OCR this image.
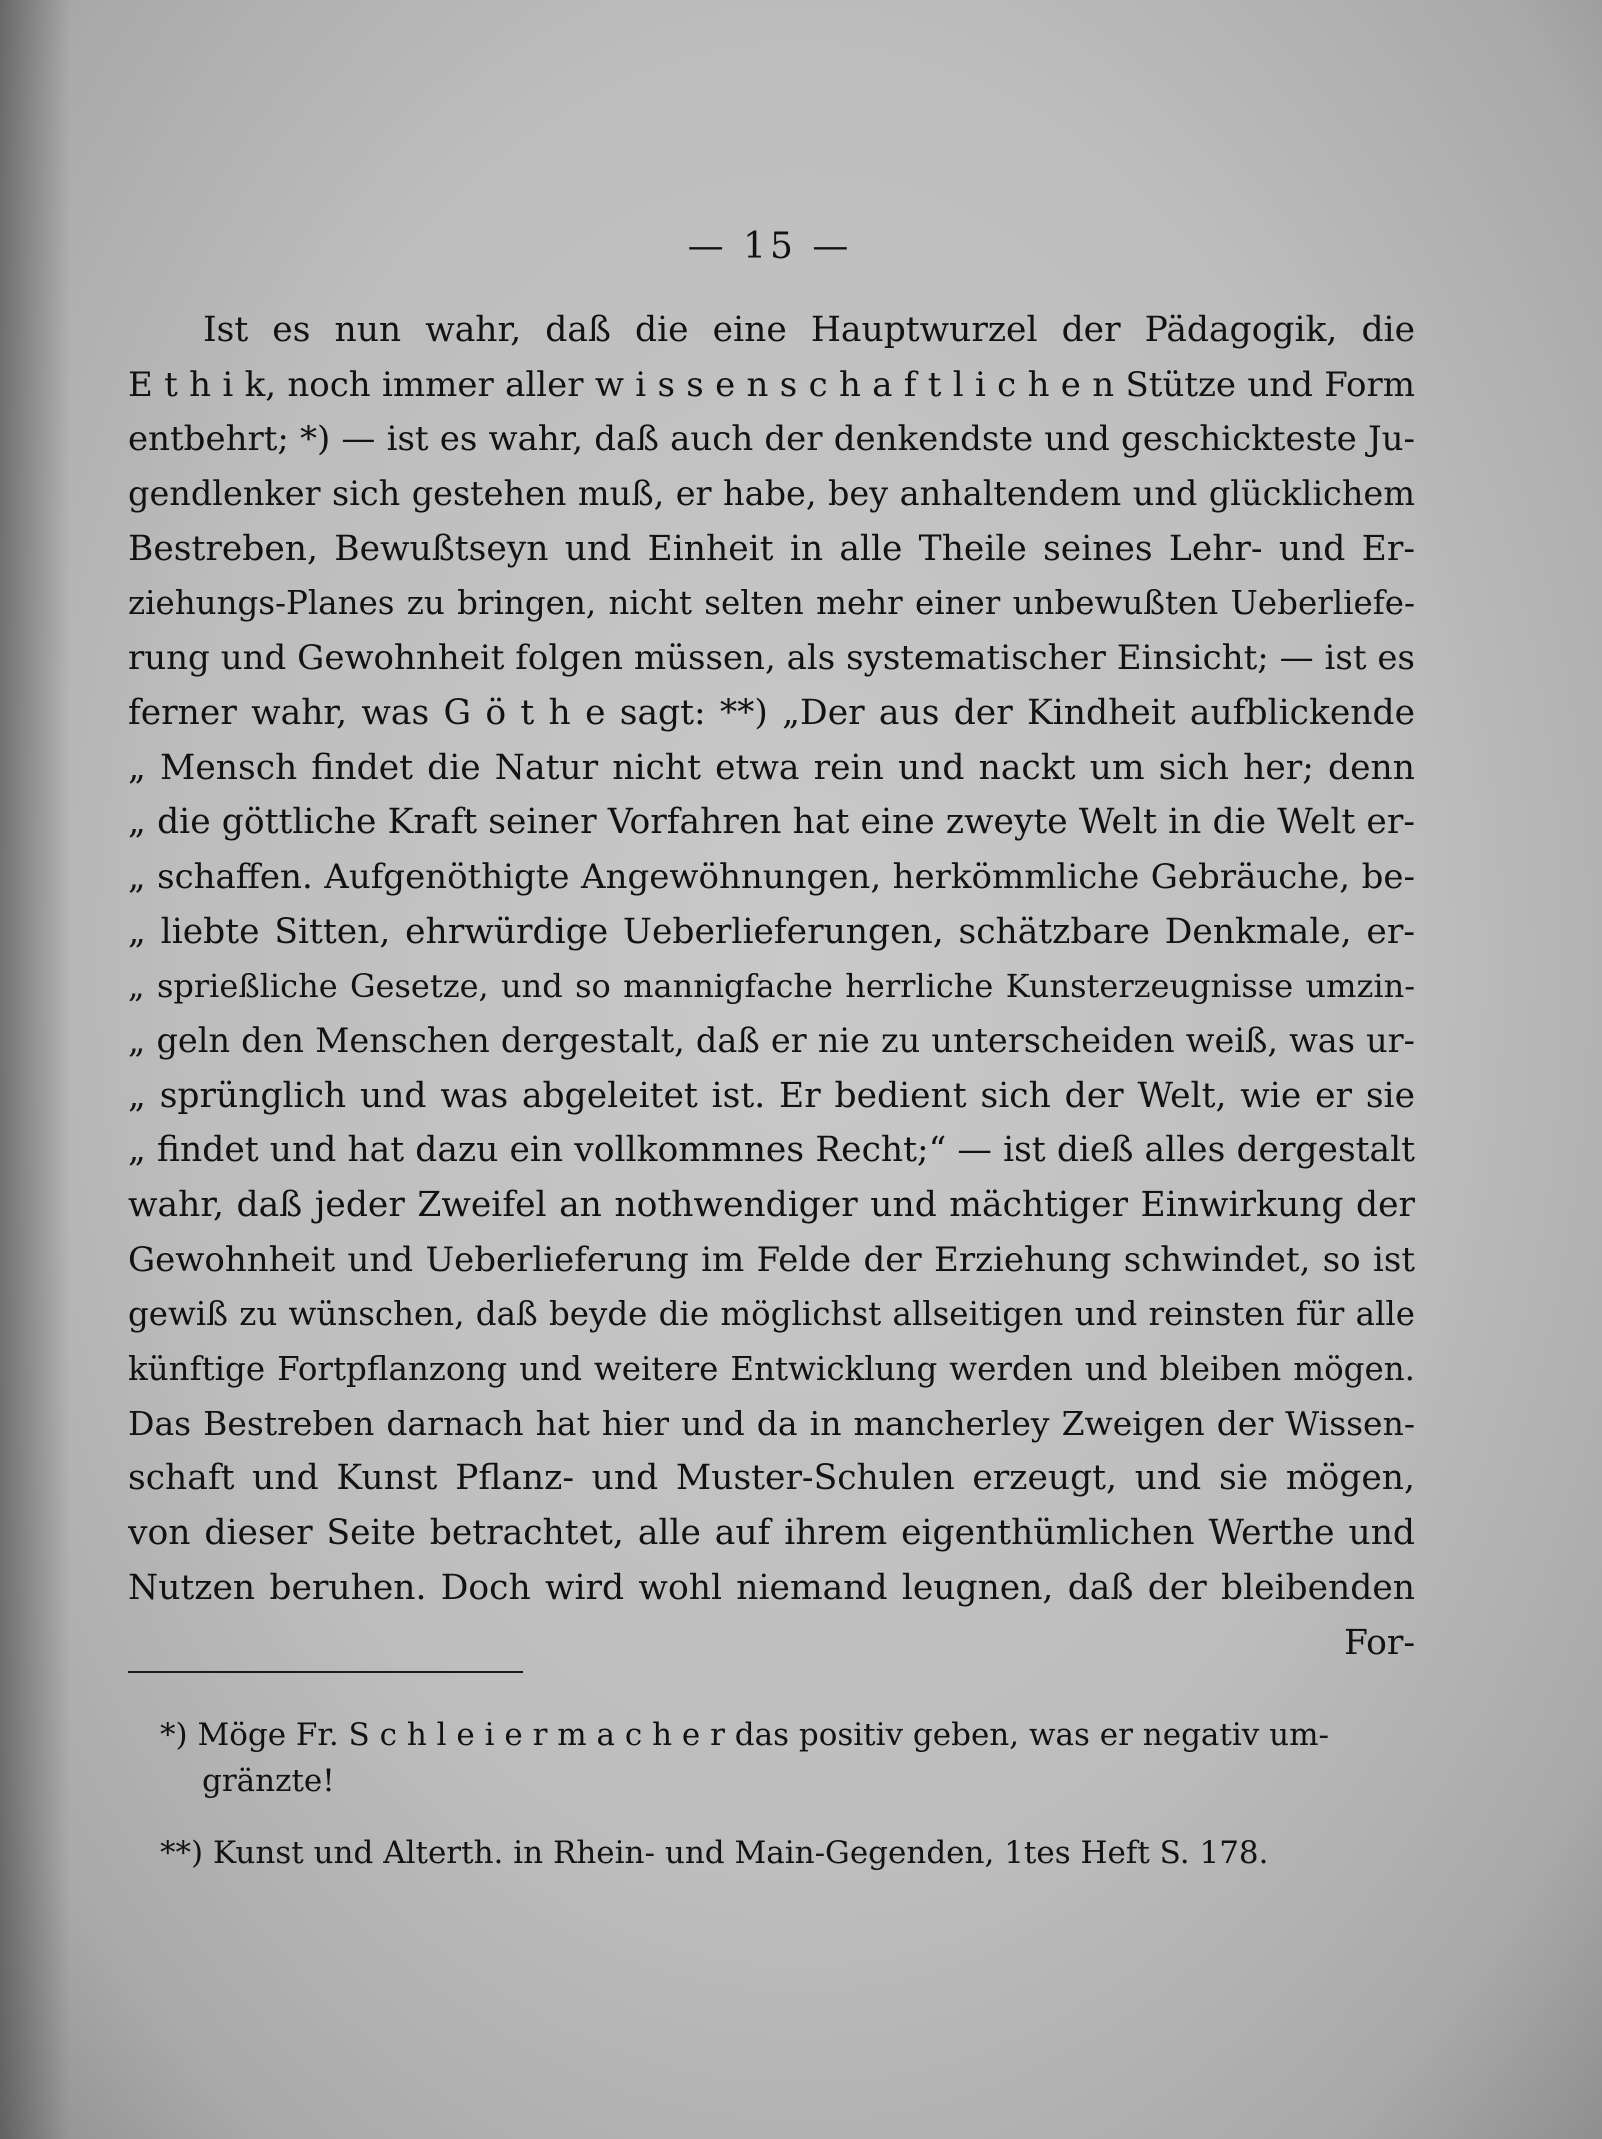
— 15 —
Ist es nun wahr, daß die eine Hauptwurzel der Pädagogik, die
E t h i k, noch immer aller w i s s e n s c h a f t l i c h e n Stütze und Form
entbehrt; *) — ist es wahr, daß auch der denkendste und geschickteste Ju-
gendlenker sich gestehen muß, er habe, bey anhaltendem und glücklichem
Bestreben, Bewußtseyn und Einheit in alle Theile seines Lehr- und Er-
ziehungs-Planes zu bringen, nicht selten mehr einer unbewußten Ueberliefe-
rung und Gewohnheit folgen müssen, als systematischer Einsicht; — ist es
ferner wahr, was G ö t h e sagt: **) „Der aus der Kindheit aufblickende
„ Mensch findet die Natur nicht etwa rein und nackt um sich her; denn
„ die göttliche Kraft seiner Vorfahren hat eine zweyte Welt in die Welt er-
„ schaffen. Aufgenöthigte Angewöhnungen, herkömmliche Gebräuche, be-
„ liebte Sitten, ehrwürdige Ueberlieferungen, schätzbare Denkmale, er-
„ sprießliche Gesetze, und so mannigfache herrliche Kunsterzeugnisse umzin-
„ geln den Menschen dergestalt, daß er nie zu unterscheiden weiß, was ur-
„ sprünglich und was abgeleitet ist. Er bedient sich der Welt, wie er sie
„ findet und hat dazu ein vollkommnes Recht;“ — ist dieß alles dergestalt
wahr, daß jeder Zweifel an nothwendiger und mächtiger Einwirkung der
Gewohnheit und Ueberlieferung im Felde der Erziehung schwindet, so ist
gewiß zu wünschen, daß beyde die möglichst allseitigen und reinsten für alle
künftige Fortpflanzong und weitere Entwicklung werden und bleiben mögen.
Das Bestreben darnach hat hier und da in mancherley Zweigen der Wissen-
schaft und Kunst Pflanz- und Muster-Schulen erzeugt, und sie mögen,
von dieser Seite betrachtet, alle auf ihrem eigenthümlichen Werthe und
Nutzen beruhen. Doch wird wohl niemand leugnen, daß der bleibenden
For-
*) Möge Fr. S c h l e i e r m a c h e r das positiv geben, was er negativ um-
gränzte!
**) Kunst und Alterth. in Rhein- und Main-Gegenden, 1tes Heft S. 178.
